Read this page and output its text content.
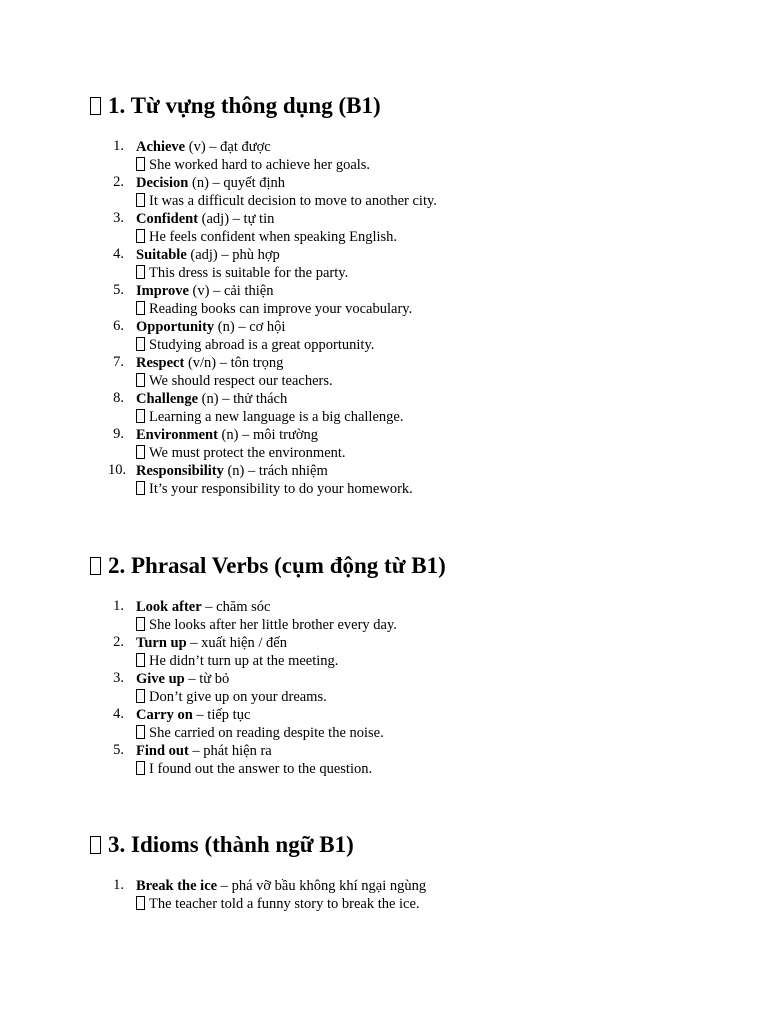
1. Từ vựng thông dụng (B1)
1. Achieve (v) – đạt được
She worked hard to achieve her goals.
2. Decision (n) – quyết định
It was a difficult decision to move to another city.
3. Confident (adj) – tự tin
He feels confident when speaking English.
4. Suitable (adj) – phù hợp
This dress is suitable for the party.
5. Improve (v) – cải thiện
Reading books can improve your vocabulary.
6. Opportunity (n) – cơ hội
Studying abroad is a great opportunity.
7. Respect (v/n) – tôn trọng
We should respect our teachers.
8. Challenge (n) – thử thách
Learning a new language is a big challenge.
9. Environment (n) – môi trường
We must protect the environment.
10. Responsibility (n) – trách nhiệm
It’s your responsibility to do your homework.
2. Phrasal Verbs (cụm động từ B1)
1. Look after – chăm sóc
She looks after her little brother every day.
2. Turn up – xuất hiện / đến
He didn’t turn up at the meeting.
3. Give up – từ bỏ
Don’t give up on your dreams.
4. Carry on – tiếp tục
She carried on reading despite the noise.
5. Find out – phát hiện ra
I found out the answer to the question.
3. Idioms (thành ngữ B1)
1. Break the ice – phá vỡ bầu không khí ngại ngùng
The teacher told a funny story to break the ice.
